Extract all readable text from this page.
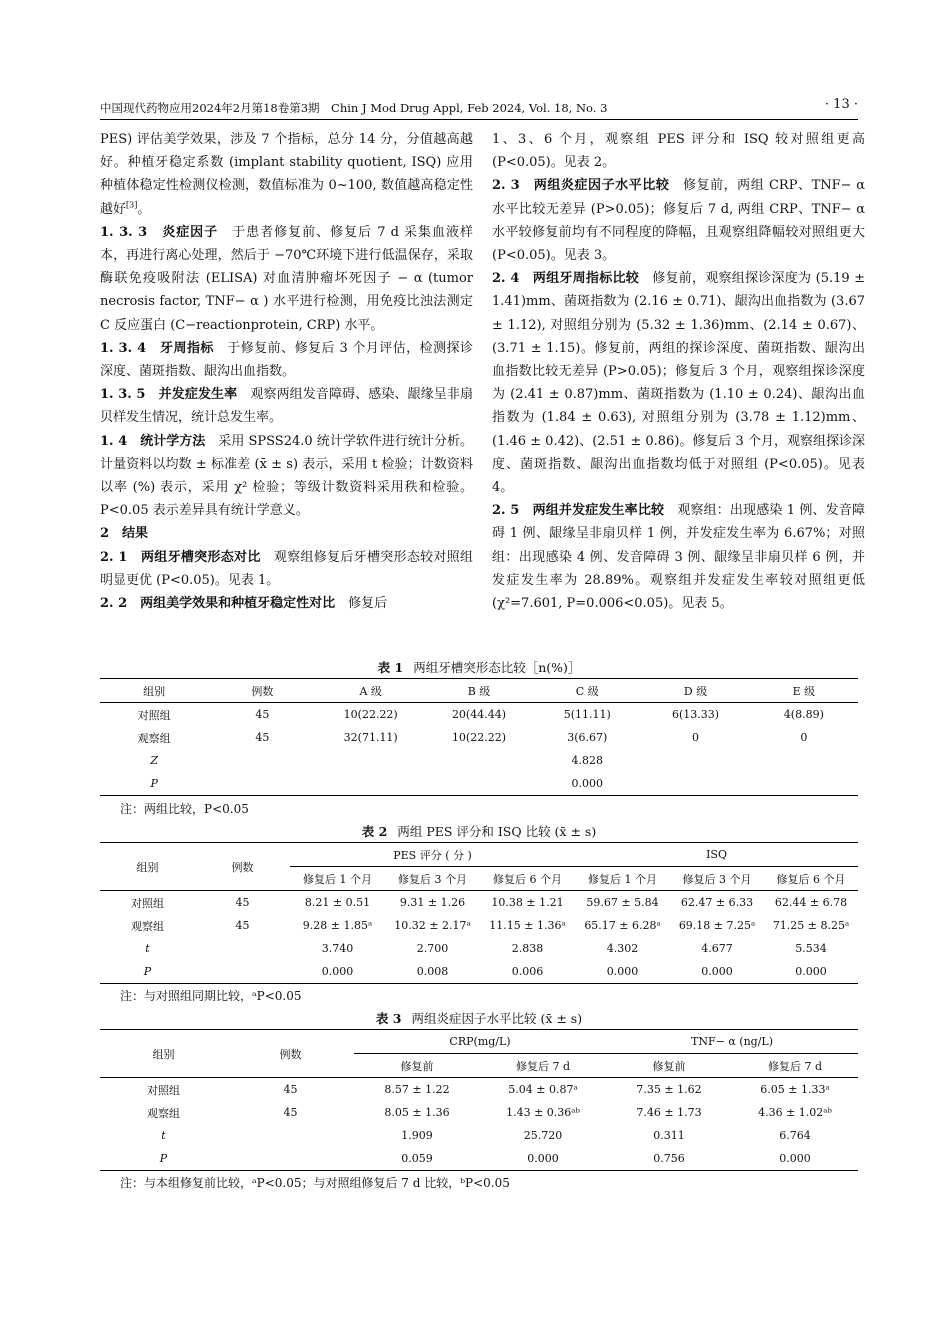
中国现代药物应用2024年2月第18卷第3期　Chin J Mod Drug Appl, Feb 2024, Vol. 18, No. 3	· 13 ·

PES) 评估美学效果，涉及 7 个指标，总分 14 分，分值越高越好。种植牙稳定系数 (implant stability quotient, ISQ) 应用种植体稳定性检测仪检测，数值标准为 0~100, 数值越高稳定性越好[3]。

1. 3. 3　炎症因子　于患者修复前、修复后 7 d 采集血液样本，再进行离心处理，然后于 −70℃环境下进行低温保存，采取酶联免疫吸附法 (ELISA) 对血清肿瘤坏死因子 − α (tumor necrosis factor, TNF− α ) 水平进行检测，用免疫比浊法测定 C 反应蛋白 (C−reactionprotein, CRP) 水平。

1. 3. 4　牙周指标　于修复前、修复后 3 个月评估，检测探诊深度、菌斑指数、龈沟出血指数。

1. 3. 5　并发症发生率　观察两组发音障碍、感染、龈缘呈非扇贝样发生情况，统计总发生率。

1. 4　统计学方法　采用 SPSS24.0 统计学软件进行统计分析。计量资料以均数 ± 标准差 (x̄ ± s) 表示，采用 t 检验；计数资料以率 (%) 表示，采用 χ² 检验；等级计数资料采用秩和检验。P<0.05 表示差异具有统计学意义。

2　结果

2. 1　两组牙槽突形态对比　观察组修复后牙槽突形态较对照组明显更优 (P<0.05)。见表 1。

2. 2　两组美学效果和种植牙稳定性对比　修复后

1、3、6 个月，观察组 PES 评分和 ISQ 较对照组更高 (P<0.05)。见表 2。

2. 3　两组炎症因子水平比较　修复前，两组 CRP、TNF− α 水平比较无差异 (P>0.05)；修复后 7 d, 两组 CRP、TNF− α 水平较修复前均有不同程度的降幅，且观察组降幅较对照组更大 (P<0.05)。见表 3。

2. 4　两组牙周指标比较　修复前，观察组探诊深度为 (5.19 ± 1.41)mm、菌斑指数为 (2.16 ± 0.71)、龈沟出血指数为 (3.67 ± 1.12), 对照组分别为 (5.32 ± 1.36)mm、(2.14 ± 0.67)、(3.71 ± 1.15)。修复前，两组的探诊深度、菌斑指数、龈沟出血指数比较无差异 (P>0.05)；修复后 3 个月，观察组探诊深度为 (2.41 ± 0.87)mm、菌斑指数为 (1.10 ± 0.24)、龈沟出血指数为 (1.84 ± 0.63), 对照组分别为 (3.78 ± 1.12)mm、(1.46 ± 0.42)、(2.51 ± 0.86)。修复后 3 个月，观察组探诊深度、菌斑指数、龈沟出血指数均低于对照组 (P<0.05)。见表 4。

2. 5　两组并发症发生率比较　观察组：出现感染 1 例、发音障碍 1 例、龈缘呈非扇贝样 1 例，并发症发生率为 6.67%；对照组：出现感染 4 例、发音障碍 3 例、龈缘呈非扇贝样 6 例，并发症发生率为 28.89%。观察组并发症发生率较对照组更低 (χ²=7.601, P=0.006<0.05)。见表 5。

表 1 两组牙槽突形态比较［n(%)］
组别	例数	A 级	B 级	C 级	D 级	E 级
对照组	45	10(22.22)	20(44.44)	5(11.11)	6(13.33)	4(8.89)
观察组	45	32(71.11)	10(22.22)	3(6.67)	0	0
Z				4.828		
P				0.000		
注：两组比较，P<0.05
表 2 两组 PES 评分和 ISQ 比较 (x̄ ± s)
组别	例数	PES 评分 ( 分 )			ISQ		
		修复后 1 个月	修复后 3 个月	修复后 6 个月	修复后 1 个月	修复后 3 个月	修复后 6 个月
对照组	45	8.21 ± 0.51	9.31 ± 1.26	10.38 ± 1.21	59.67 ± 5.84	62.47 ± 6.33	62.44 ± 6.78
观察组	45	9.28 ± 1.85ᵃ	10.32 ± 2.17ᵃ	11.15 ± 1.36ᵃ	65.17 ± 6.28ᵃ	69.18 ± 7.25ᵃ	71.25 ± 8.25ᵃ
t		3.740	2.700	2.838	4.302	4.677	5.534
P		0.000	0.008	0.006	0.000	0.000	0.000
注：与对照组同期比较，ᵃP<0.05
表 3 两组炎症因子水平比较 (x̄ ± s)
组别	例数	CRP(mg/L)		TNF− α (ng/L)	
		修复前	修复后 7 d	修复前	修复后 7 d
对照组	45	8.57 ± 1.22	5.04 ± 0.87ᵃ	7.35 ± 1.62	6.05 ± 1.33ᵃ
观察组	45	8.05 ± 1.36	1.43 ± 0.36ᵃᵇ	7.46 ± 1.73	4.36 ± 1.02ᵃᵇ
t		1.909	25.720	0.311	6.764
P		0.059	0.000	0.756	0.000
注：与本组修复前比较，ᵃP<0.05；与对照组修复后 7 d 比较，ᵇP<0.05
